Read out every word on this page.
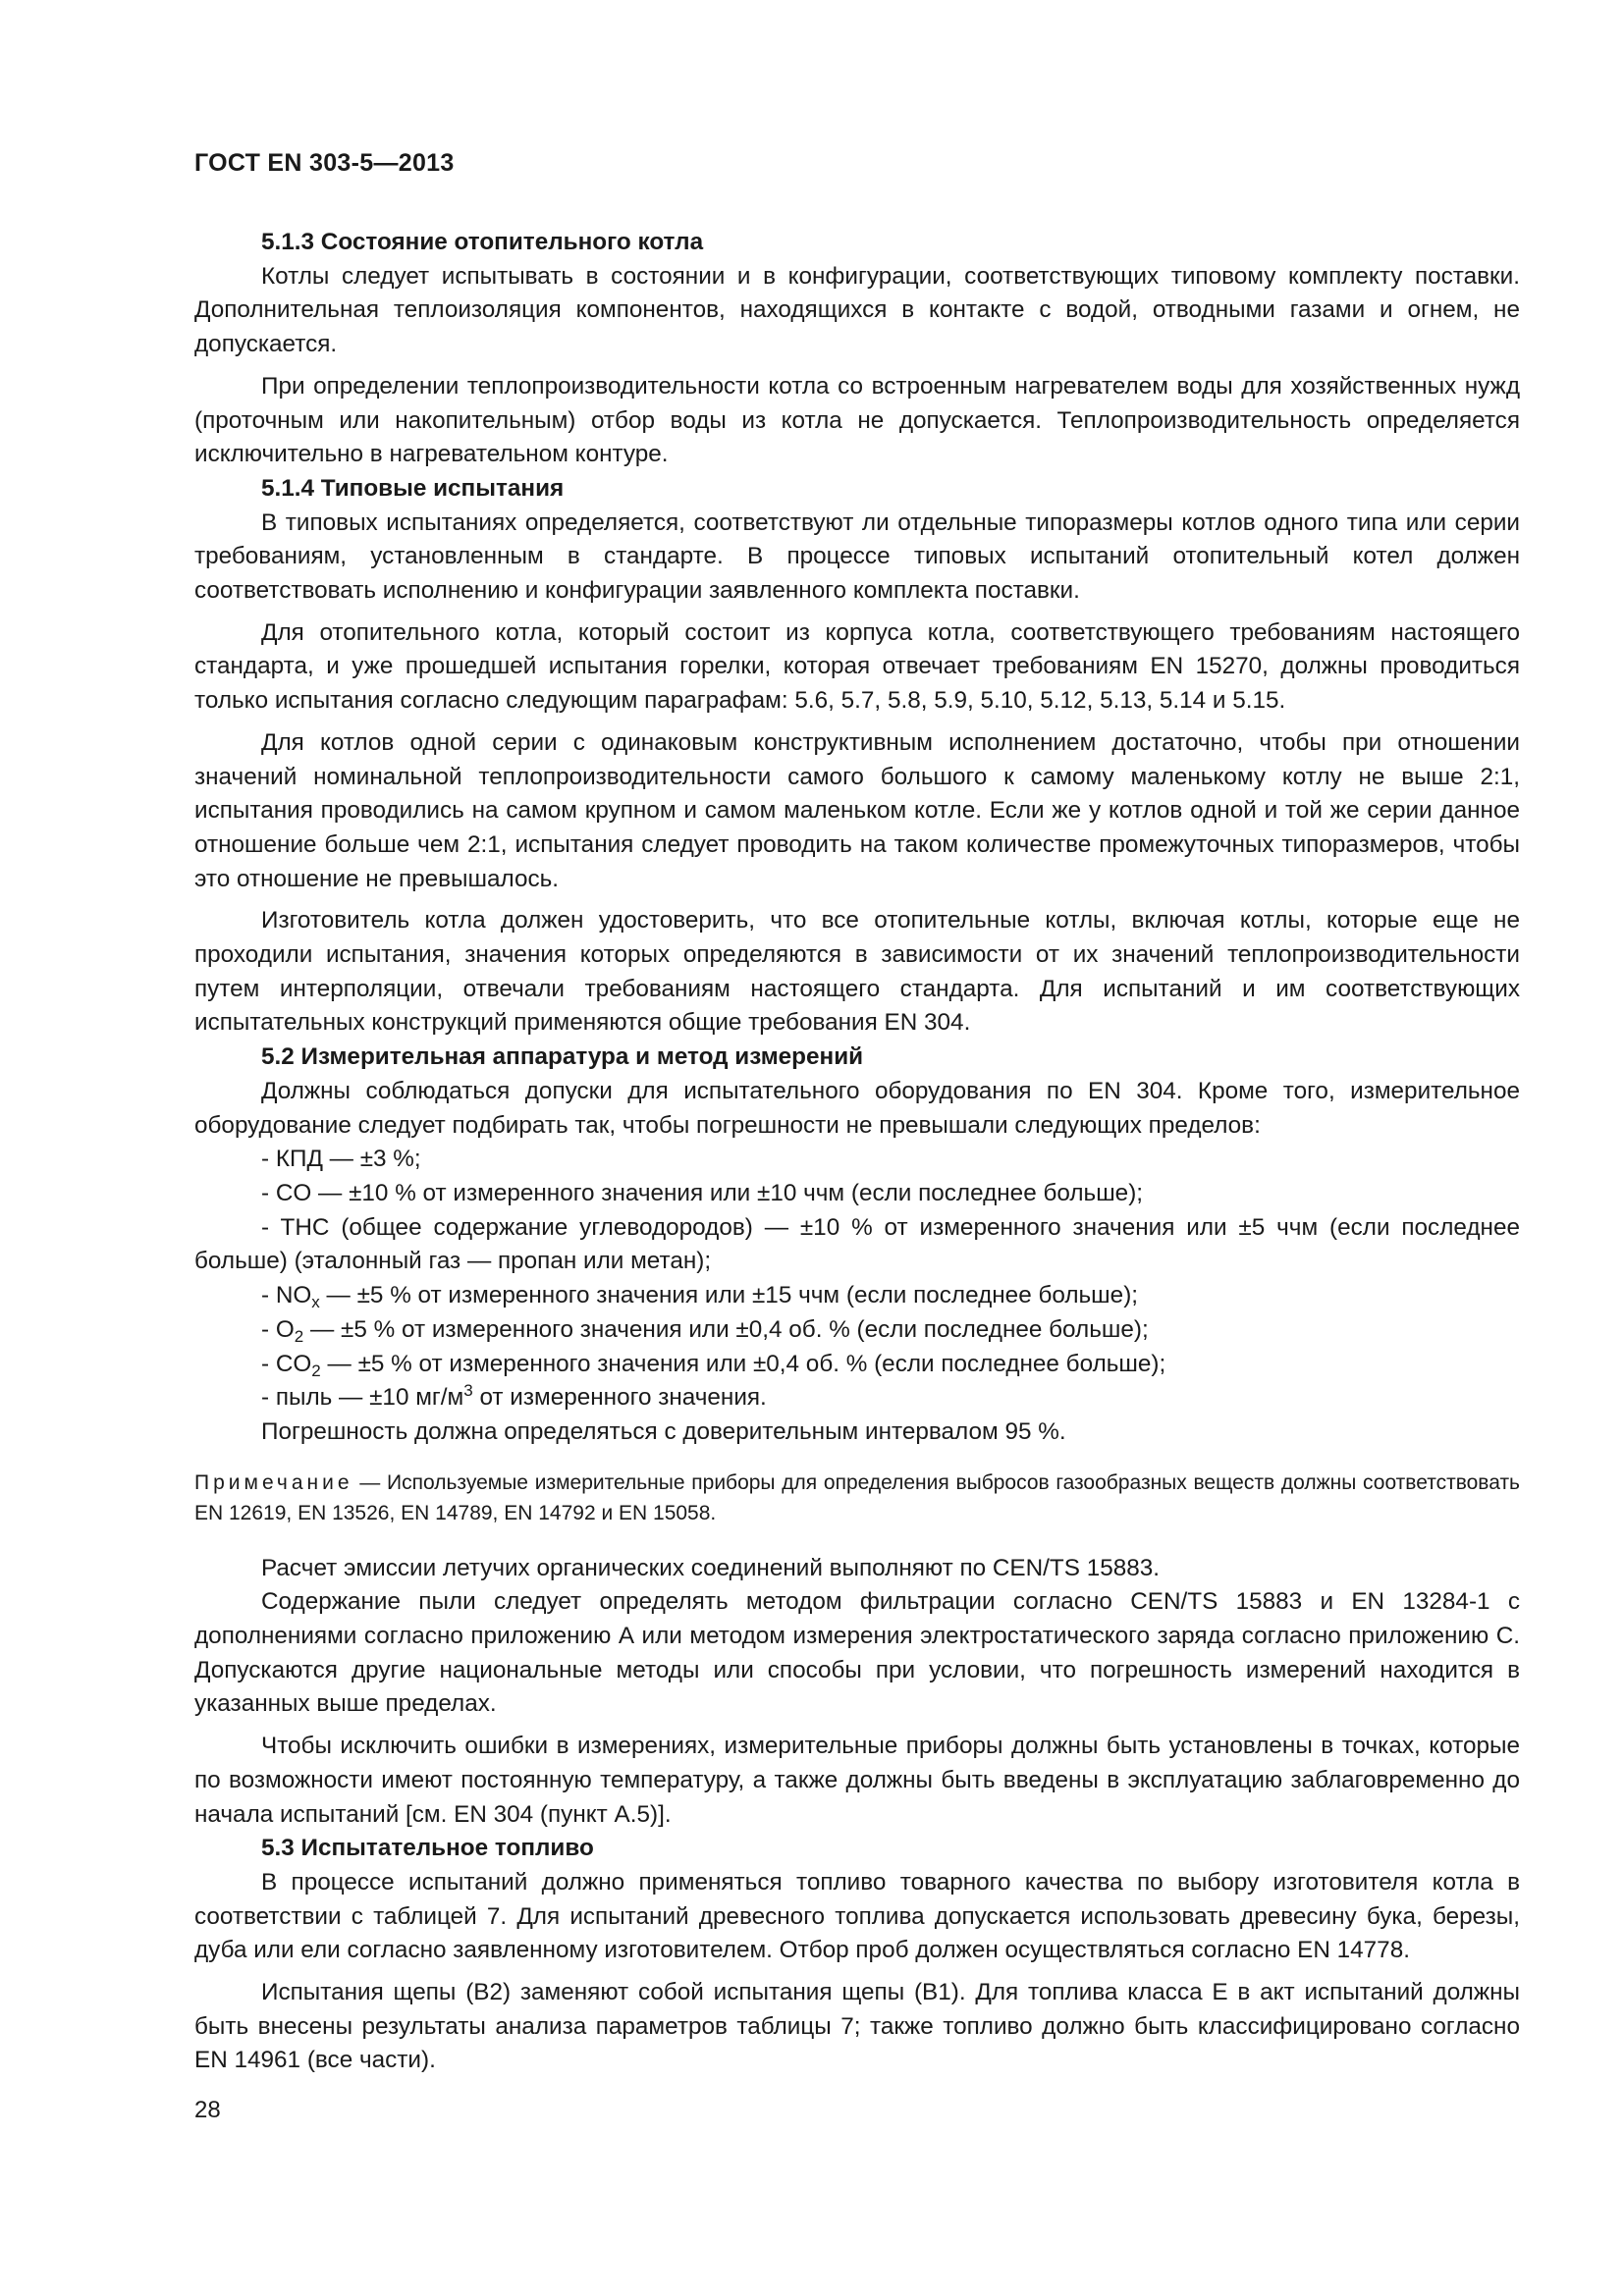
ГОСТ EN 303-5—2013

5.1.3 Состояние отопительного котла

Котлы следует испытывать в состоянии и в конфигурации, соответствующих типовому комплекту поставки. Дополнительная теплоизоляция компонентов, находящихся в контакте с водой, отводными газами и огнем, не допускается.

При определении теплопроизводительности котла со встроенным нагревателем воды для хозяйственных нужд (проточным или накопительным) отбор воды из котла не допускается. Теплопроизводительность определяется исключительно в нагревательном контуре.

5.1.4 Типовые испытания

В типовых испытаниях определяется, соответствуют ли отдельные типоразмеры котлов одного типа или серии требованиям, установленным в стандарте. В процессе типовых испытаний отопительный котел должен соответствовать исполнению и конфигурации заявленного комплекта поставки.

Для отопительного котла, который состоит из корпуса котла, соответствующего требованиям настоящего стандарта, и уже прошедшей испытания горелки, которая отвечает требованиям EN 15270, должны проводиться только испытания согласно следующим параграфам: 5.6, 5.7, 5.8, 5.9, 5.10, 5.12, 5.13, 5.14 и 5.15.

Для котлов одной серии с одинаковым конструктивным исполнением достаточно, чтобы при отношении значений номинальной теплопроизводительности самого большого к самому маленькому котлу не выше 2:1, испытания проводились на самом крупном и самом маленьком котле. Если же у котлов одной и той же серии данное отношение больше чем 2:1, испытания следует проводить на таком количестве промежуточных типоразмеров, чтобы это отношение не превышалось.

Изготовитель котла должен удостоверить, что все отопительные котлы, включая котлы, которые еще не проходили испытания, значения которых определяются в зависимости от их значений теплопроизводительности путем интерполяции, отвечали требованиям настоящего стандарта. Для испытаний и им соответствующих испытательных конструкций применяются общие требования EN 304.

5.2 Измерительная аппаратура и метод измерений

Должны соблюдаться допуски для испытательного оборудования по EN 304. Кроме того, измерительное оборудование следует подбирать так, чтобы погрешности не превышали следующих пределов:

- КПД — ±3 %;

- CO — ±10 % от измеренного значения или ±10 ччм (если последнее больше);

- THC (общее содержание углеводородов) — ±10 % от измеренного значения или ±5 ччм (если последнее больше) (эталонный газ — пропан или метан);

- $NO_x$ — ±5 % от измеренного значения или ±15 ччм (если последнее больше);

- $O_2$ — ±5 % от измеренного значения или ±0,4 об. % (если последнее больше);

- $CO_2$ — ±5 % от измеренного значения или ±0,4 об. % (если последнее больше);

- пыль — ±10 $мг/м^3$ от измеренного значения.

Погрешность должна определяться с доверительным интервалом 95 %.

Примечание — Используемые измерительные приборы для определения выбросов газообразных веществ должны соответствовать EN 12619, EN 13526, EN 14789, EN 14792 и EN 15058.

Расчет эмиссии летучих органических соединений выполняют по CEN/TS 15883.

Содержание пыли следует определять методом фильтрации согласно CEN/TS 15883 и EN 13284-1 с дополнениями согласно приложению А или методом измерения электростатического заряда согласно приложению С. Допускаются другие национальные методы или способы при условии, что погрешность измерений находится в указанных выше пределах.

Чтобы исключить ошибки в измерениях, измерительные приборы должны быть установлены в точках, которые по возможности имеют постоянную температуру, а также должны быть введены в эксплуатацию заблаговременно до начала испытаний [см. EN 304 (пункт А.5)].

5.3 Испытательное топливо

В процессе испытаний должно применяться топливо товарного качества по выбору изготовителя котла в соответствии с таблицей 7. Для испытаний древесного топлива допускается использовать древесину бука, березы, дуба или ели согласно заявленному изготовителем. Отбор проб должен осуществляться согласно EN 14778.

Испытания щепы (B2) заменяют собой испытания щепы (B1). Для топлива класса Е в акт испытаний должны быть внесены результаты анализа параметров таблицы 7; также топливо должно быть классифицировано согласно EN 14961 (все части).

28
